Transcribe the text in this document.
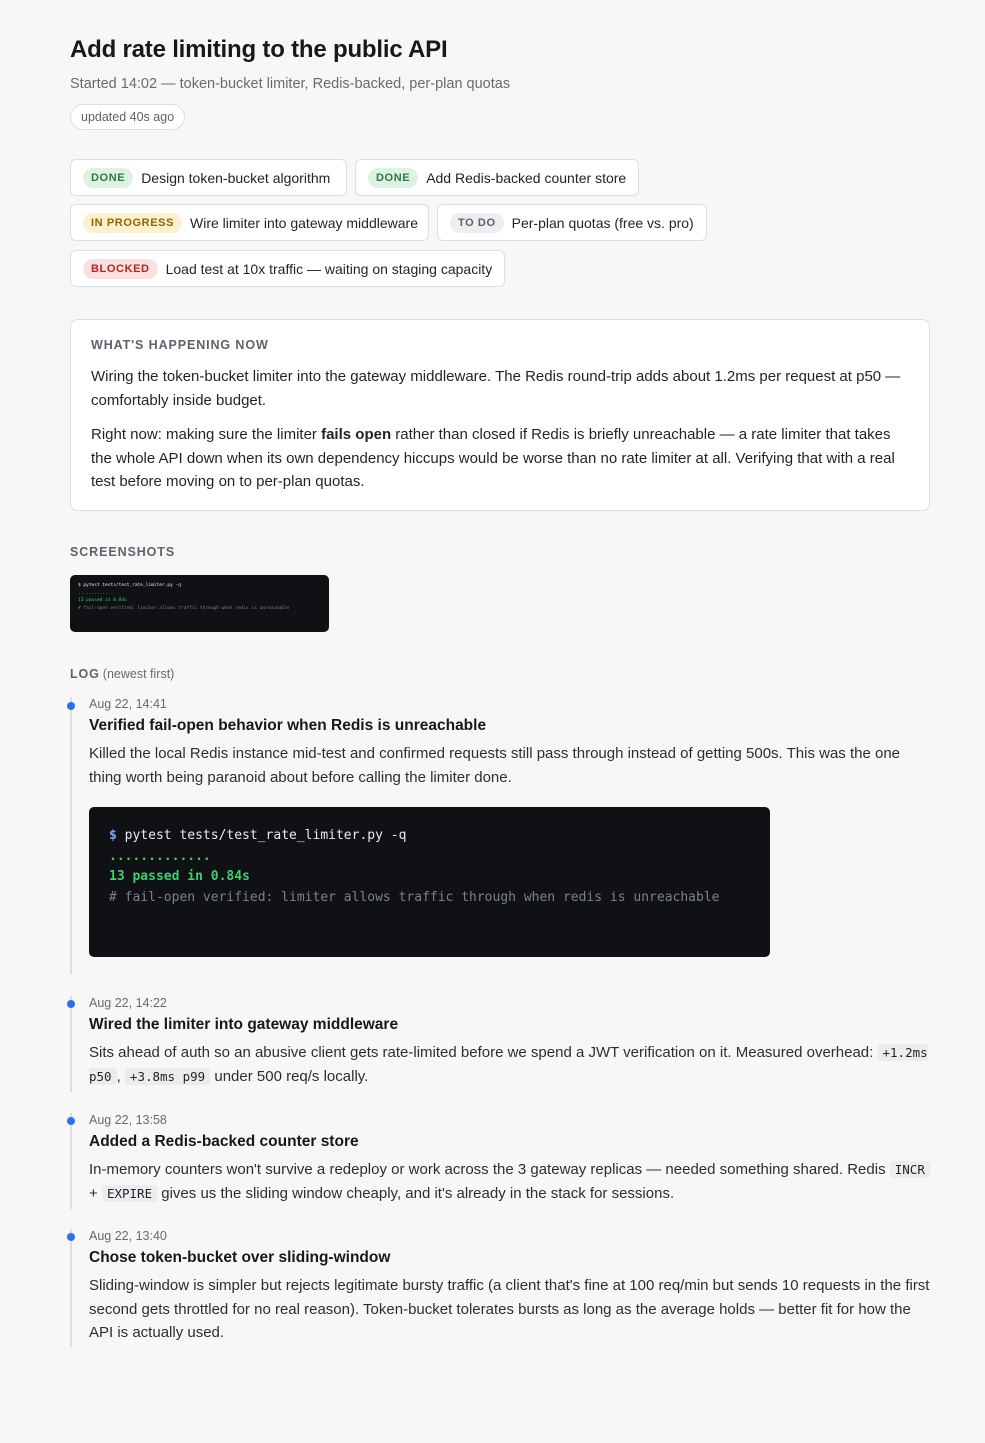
Add rate limiting to the public API
Started 14:02 — token-bucket limiter, Redis-backed, per-plan quotas
updated 40s ago
DONE	Design token-bucket algorithm	DONE	Add Redis-backed counter store
IN PROGRESS	Wire limiter into gateway middleware	TO DO	Per-plan quotas (free vs. pro)
BLOCKED	Load test at 10x traffic — waiting on staging capacity
WHAT'S HAPPENING NOW

Wiring the token-bucket limiter into the gateway middleware. The Redis round-trip adds about 1.2ms per request at p50 — comfortably inside budget.

Right now: making sure the limiter fails open rather than closed if Redis is briefly unreachable — a rate limiter that takes the whole API down when its own dependency hiccups would be worse than no rate limiter at all. Verifying that with a real test before moving on to per-plan quotas.

SCREENSHOTS
$ pytest tests/test_rate_limiter.py -q
.............
13 passed in 0.84s
# fail-open verified: limiter allows traffic through when redis is unreachable
LOG (newest first)
Aug 22, 14:41
Verified fail-open behavior when Redis is unreachable
Killed the local Redis instance mid-test and confirmed requests still pass through instead of getting 500s. This was the one thing worth being paranoid about before calling the limiter done.
$ pytest tests/test_rate_limiter.py -q
.............
13 passed in 0.84s
# fail-open verified: limiter allows traffic through when redis is unreachable
Aug 22, 14:22
Wired the limiter into gateway middleware
Sits ahead of auth so an abusive client gets rate-limited before we spend a JWT verification on it. Measured overhead: +1.2ms p50 , +3.8ms p99 under 500 req/s locally.
Aug 22, 13:58
Added a Redis-backed counter store
In-memory counters won't survive a redeploy or work across the 3 gateway replicas — needed something shared. Redis INCR + EXPIRE gives us the sliding window cheaply, and it's already in the stack for sessions.
Aug 22, 13:40
Chose token-bucket over sliding-window
Sliding-window is simpler but rejects legitimate bursty traffic (a client that's fine at 100 req/min but sends 10 requests in the first second gets throttled for no real reason). Token-bucket tolerates bursts as long as the average holds — better fit for how the API is actually used.
